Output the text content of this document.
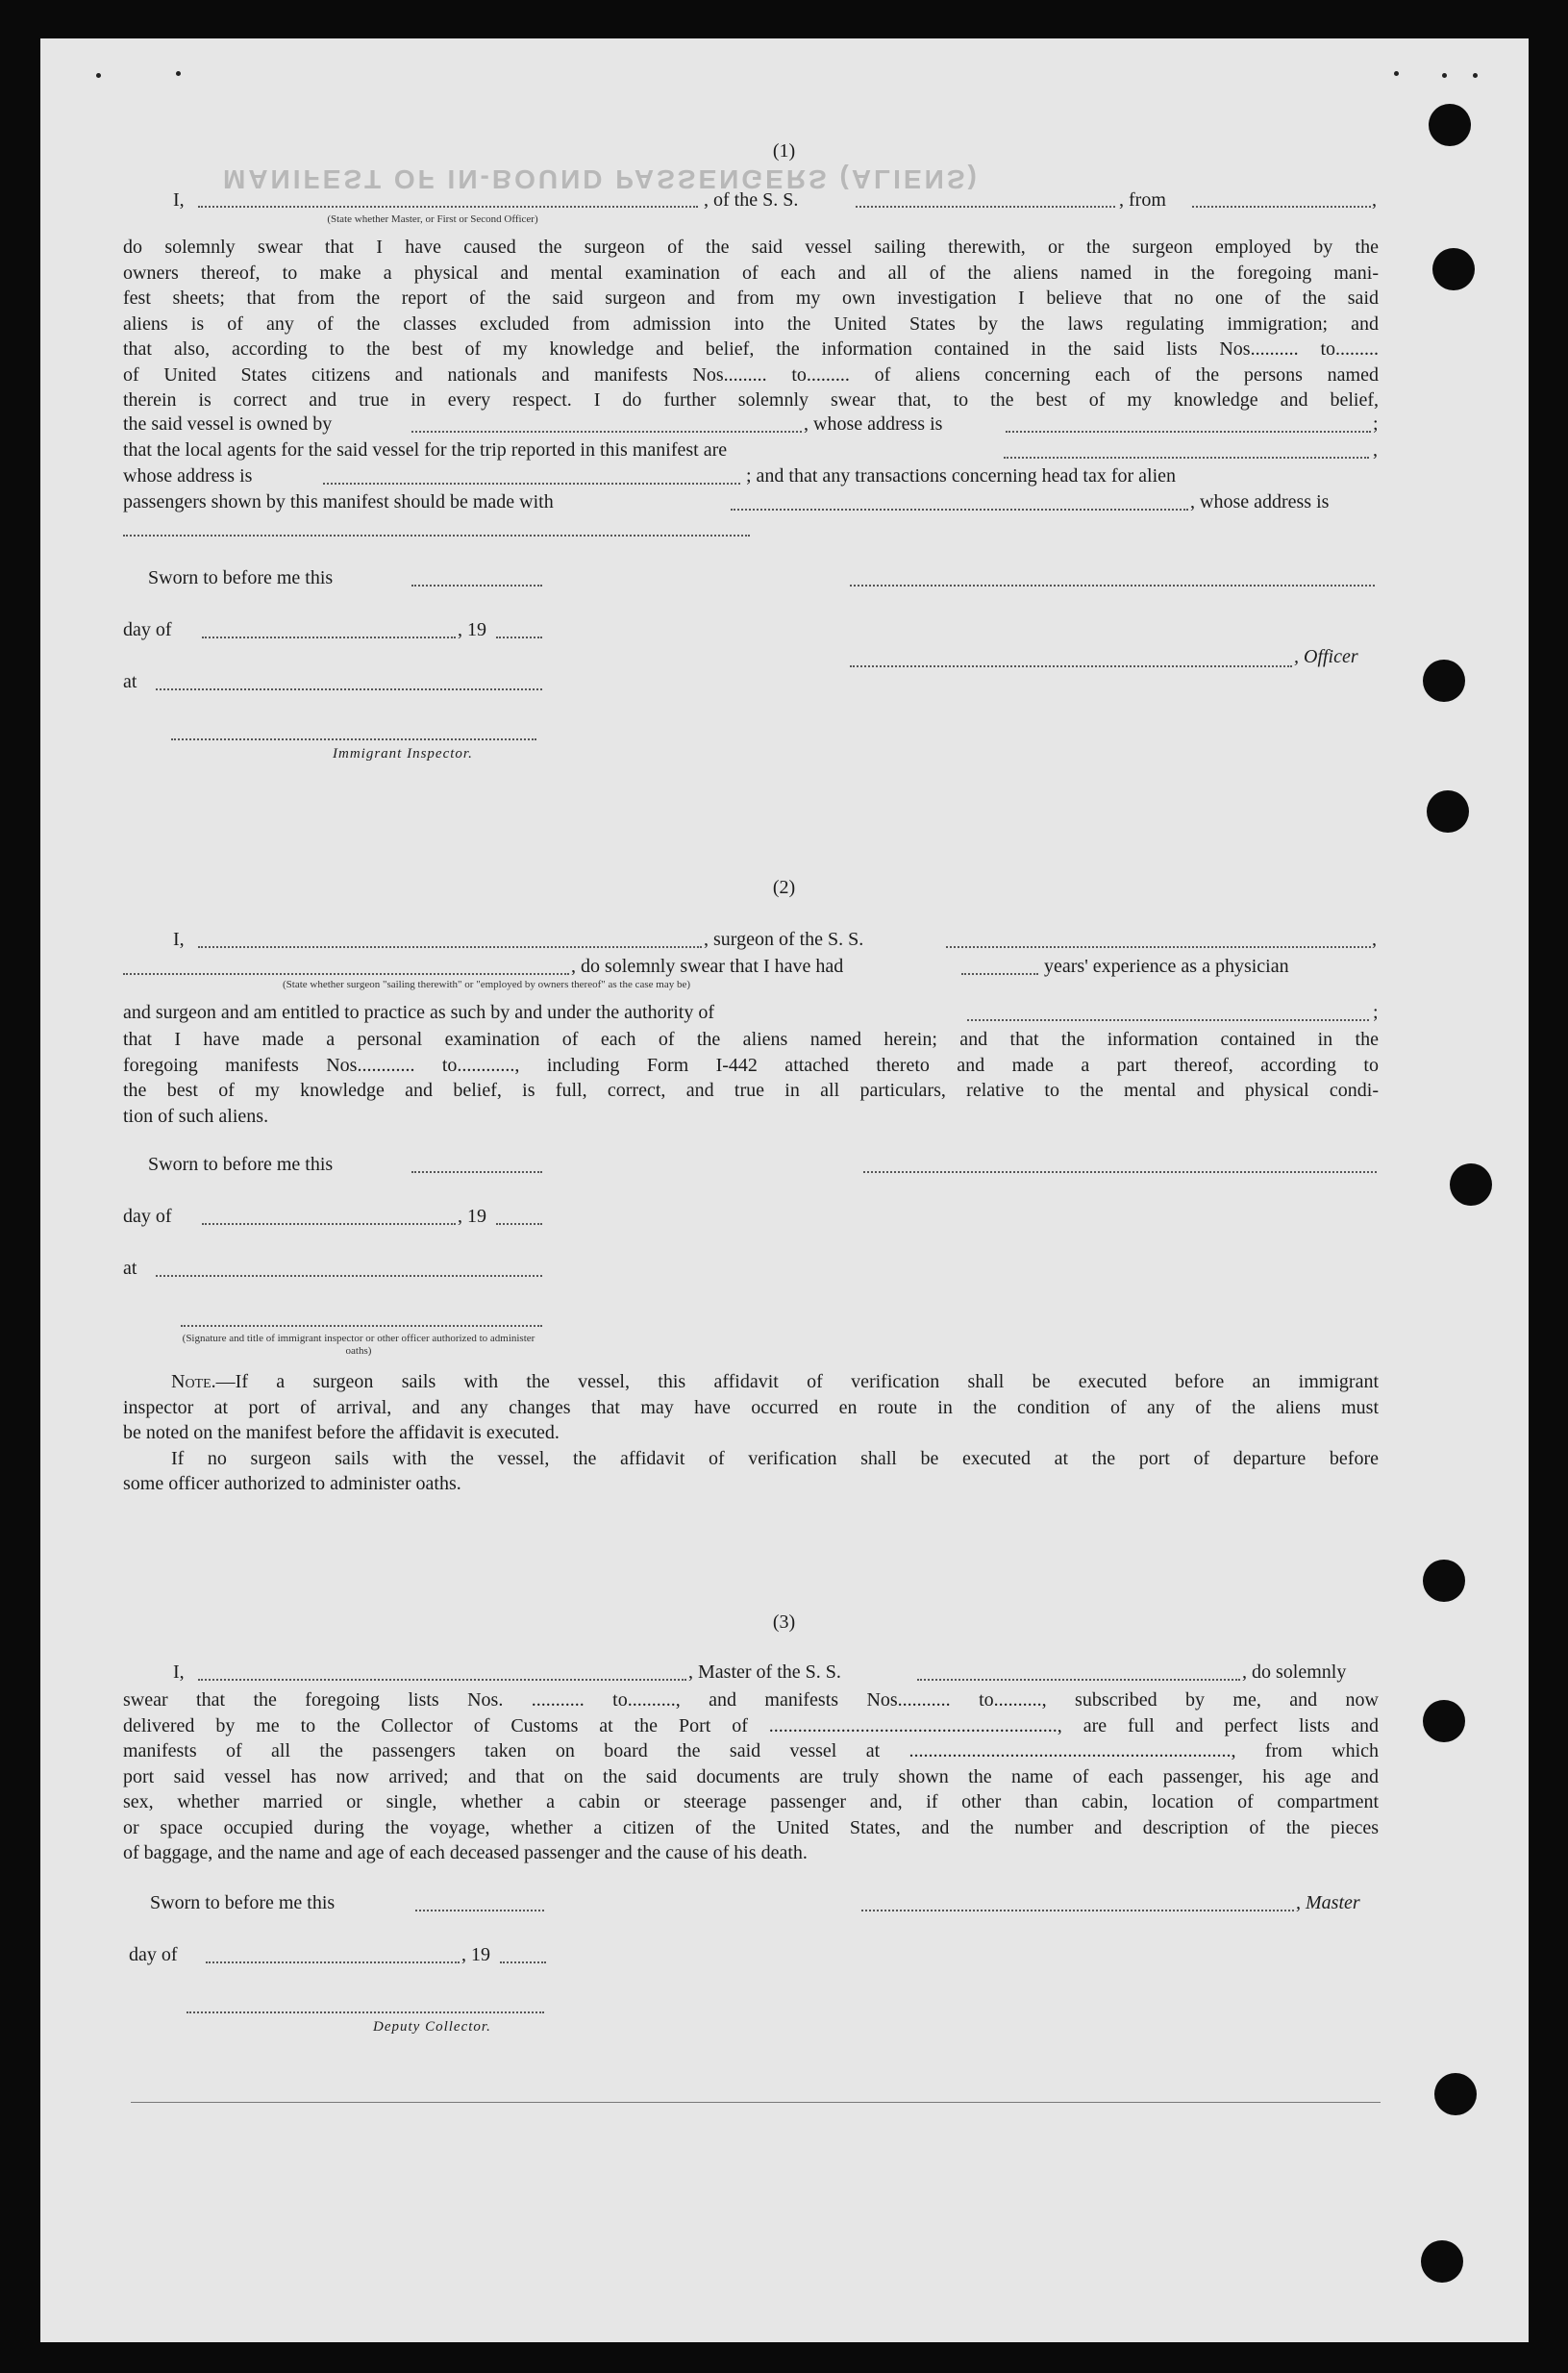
MANIFEST OF IN-BOUND PASSENGERS (ALIENS)
(1)
I,	, of the S. S.	, from	,
(State whether Master, or First or Second Officer)
do solemnly swear that I have caused the surgeon of the said vessel sailing therewith, or the surgeon employed by the
owners thereof, to make a physical and mental examination of each and all of the aliens named in the foregoing mani-
fest sheets; that from the report of the said surgeon and from my own investigation I believe that no one of the said
aliens is of any of the classes excluded from admission into the United States by the laws regulating immigration; and
that also, according to the best of my knowledge and belief, the information contained in the said lists Nos.......... to.........
of United States citizens and nationals and manifests Nos......... to......... of aliens concerning each of the persons named
therein is correct and true in every respect. I do further solemnly swear that, to the best of my knowledge and belief,
the said vessel is owned by	, whose address is	;
that the local agents for the said vessel for the trip reported in this manifest are	,
whose address is	; and that any transactions concerning head tax for alien
passengers shown by this manifest should be made with	, whose address is
Sworn to before me this
day of	, 19
, Officer
at
Immigrant Inspector.
(2)
I,	, surgeon of the S. S.	,
, do solemnly swear that I have had	years' experience as a physician
(State whether surgeon "sailing therewith" or "employed by owners thereof" as the case may be)
and surgeon and am entitled to practice as such by and under the authority of	;
that I have made a personal examination of each of the aliens named herein; and that the information contained in the
foregoing manifests Nos............ to............, including Form I-442 attached thereto and made a part thereof, according to
the best of my knowledge and belief, is full, correct, and true in all particulars, relative to the mental and physical condi-
tion of such aliens.
Sworn to before me this
day of	, 19
at
(Signature and title of immigrant inspector or other officer authorized to administer oaths)
Note.—If a surgeon sails with the vessel, this affidavit of verification shall be executed before an immigrant
inspector at port of arrival, and any changes that may have occurred en route in the condition of any of the aliens must
be noted on the manifest before the affidavit is executed.
If no surgeon sails with the vessel, the affidavit of verification shall be executed at the port of departure before
some officer authorized to administer oaths.
(3)
I,	, Master of the S. S.	, do solemnly
swear that the foregoing lists Nos. ........... to.........., and manifests Nos........... to.........., subscribed by me, and now
delivered by me to the Collector of Customs at the Port of ............................................................, are full and perfect lists and
manifests of all the passengers taken on board the said vessel at ..................................................................., from which
port said vessel has now arrived; and that on the said documents are truly shown the name of each passenger, his age and
sex, whether married or single, whether a cabin or steerage passenger and, if other than cabin, location of compartment
or space occupied during the voyage, whether a citizen of the United States, and the number and description of the pieces
of baggage, and the name and age of each deceased passenger and the cause of his death.
Sworn to before me this	, Master
day of	, 19
Deputy Collector.
